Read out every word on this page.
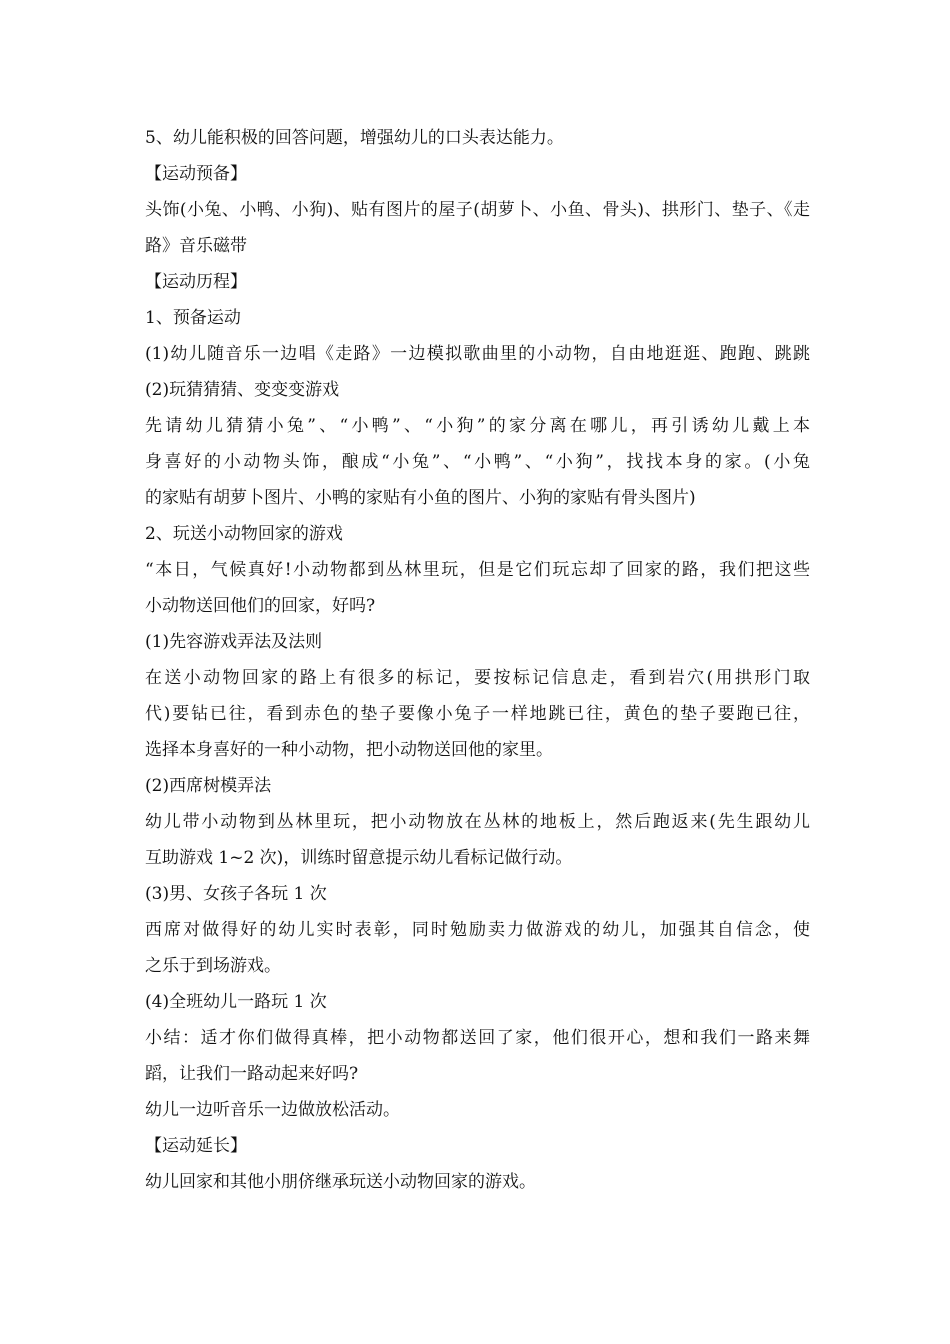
5、幼儿能积极的回答问题，增强幼儿的口头表达能力。
【运动预备】
头饰(小兔、小鸭、小狗)、贴有图片的屋子(胡萝卜、小鱼、骨头)、拱形门、垫子、《走
路》音乐磁带
【运动历程】
1、预备运动
(1)幼儿随音乐一边唱《走路》一边模拟歌曲里的小动物，自由地逛逛、跑跑、跳跳
(2)玩猜猜猜、变变变游戏
先请幼儿猜猜小兔”、“小鸭”、“小狗”的家分离在哪儿，再引诱幼儿戴上本
身喜好的小动物头饰，酿成“小兔”、“小鸭”、“小狗”，找找本身的家。(小兔
的家贴有胡萝卜图片、小鸭的家贴有小鱼的图片、小狗的家贴有骨头图片)
2、玩送小动物回家的游戏
“本日，气候真好!小动物都到丛林里玩，但是它们玩忘却了回家的路，我们把这些
小动物送回他们的回家，好吗?
(1)先容游戏弄法及法则
在送小动物回家的路上有很多的标记，要按标记信息走，看到岩穴(用拱形门取
代)要钻已往，看到赤色的垫子要像小兔子一样地跳已往，黄色的垫子要跑已往，
选择本身喜好的一种小动物，把小动物送回他的家里。
(2)西席树模弄法
幼儿带小动物到丛林里玩，把小动物放在丛林的地板上，然后跑返来(先生跟幼儿
互助游戏 1~2 次)，训练时留意提示幼儿看标记做行动。
(3)男、女孩子各玩 1 次
西席对做得好的幼儿实时表彰，同时勉励卖力做游戏的幼儿，加强其自信念，使
之乐于到场游戏。
(4)全班幼儿一路玩 1 次
小结：适才你们做得真棒，把小动物都送回了家，他们很开心，想和我们一路来舞
蹈，让我们一路动起来好吗?
幼儿一边听音乐一边做放松活动。
【运动延长】
幼儿回家和其他小朋侪继承玩送小动物回家的游戏。
